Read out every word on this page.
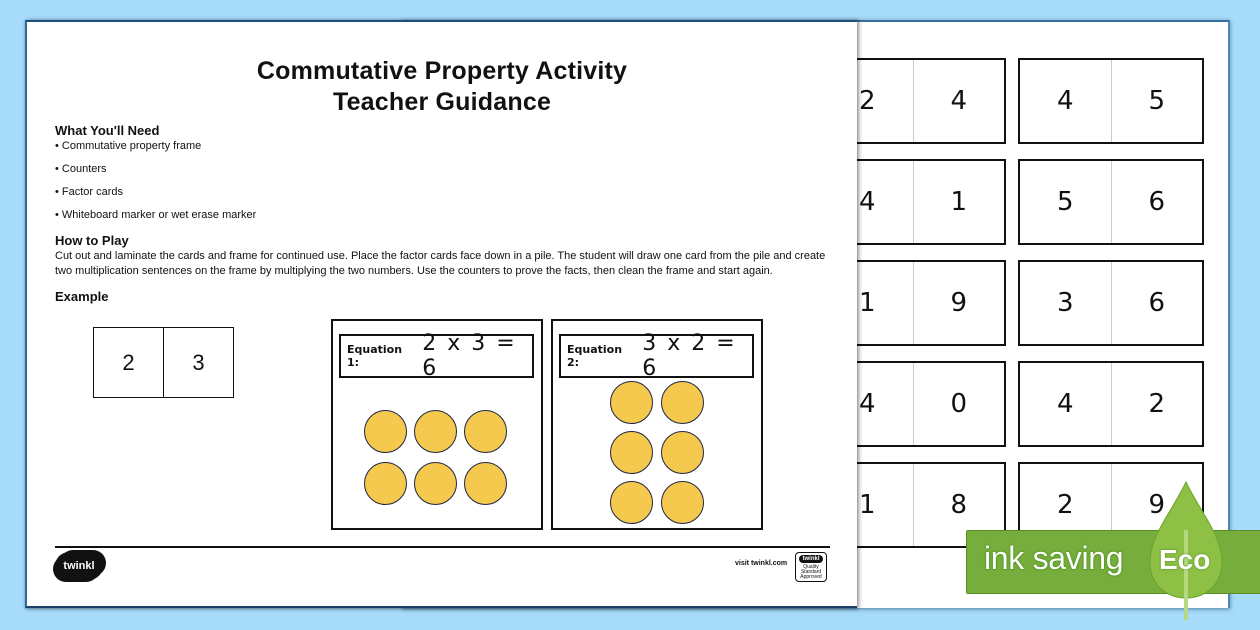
2	4	4	5
4	1	5	6
1	9	3	6
4	0	4	2
1	8	2	9
Commutative Property Activity
Teacher Guidance
What You'll Need
• Commutative property frame
• Counters
• Factor cards
• Whiteboard marker or wet erase marker
How to Play
Cut out and laminate the cards and frame for continued use. Place the factor cards face down in a pile. The student will draw one card from the pile and create two multiplication sentences on the frame by multiplying the two numbers. Use the counters to prove the facts, then clean the frame and start again.
Example
2	3	Equation 1:
2 x 3 = 6
Equation 2:
3 x 2 = 6
twinkl	visit twinkl.com
twinkl
Quality Standard Approved
ink saving Eco
